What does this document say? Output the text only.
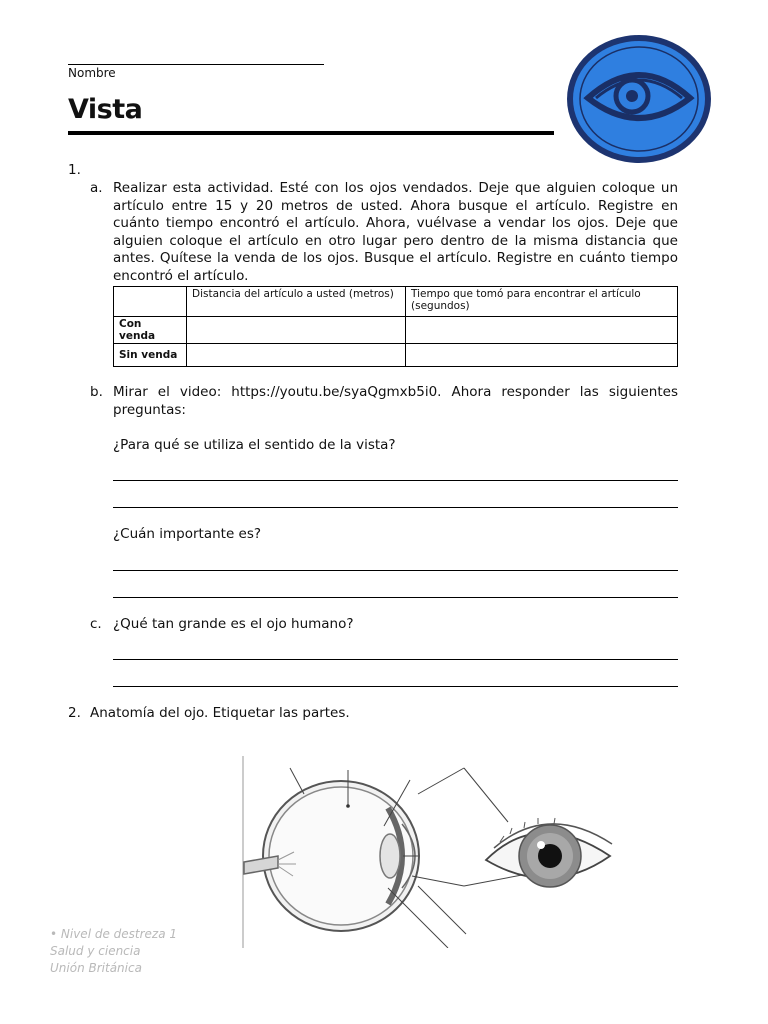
Nombre
Vista
1.
a. Realizar esta actividad. Esté con los ojos vendados. Deje que alguien coloque un artículo entre 15 y 20 metros de usted. Ahora busque el artículo. Registre en cuánto tiempo encontró el artículo. Ahora, vuélvase a vendar los ojos. Deje que alguien coloque el artículo en otro lugar pero dentro de la misma distancia que antes. Quítese la venda de los ojos. Busque el artículo. Registre en cuánto tiempo encontró el artículo.
	Distancia del artículo a usted (metros)	Tiempo que tomó para encontrar el artículo (segundos)
Con venda		
Sin venda		
b. Mirar el video: https://youtu.be/syaQgmxb5i0. Ahora responder las siguientes preguntas:
¿Para qué se utiliza el sentido de la vista?
¿Cuán importante es?
c. ¿Qué tan grande es el ojo humano?
2. Anatomía del ojo. Etiquetar las partes.
• Nivel de destreza 1
Salud y ciencia
Unión Británica
